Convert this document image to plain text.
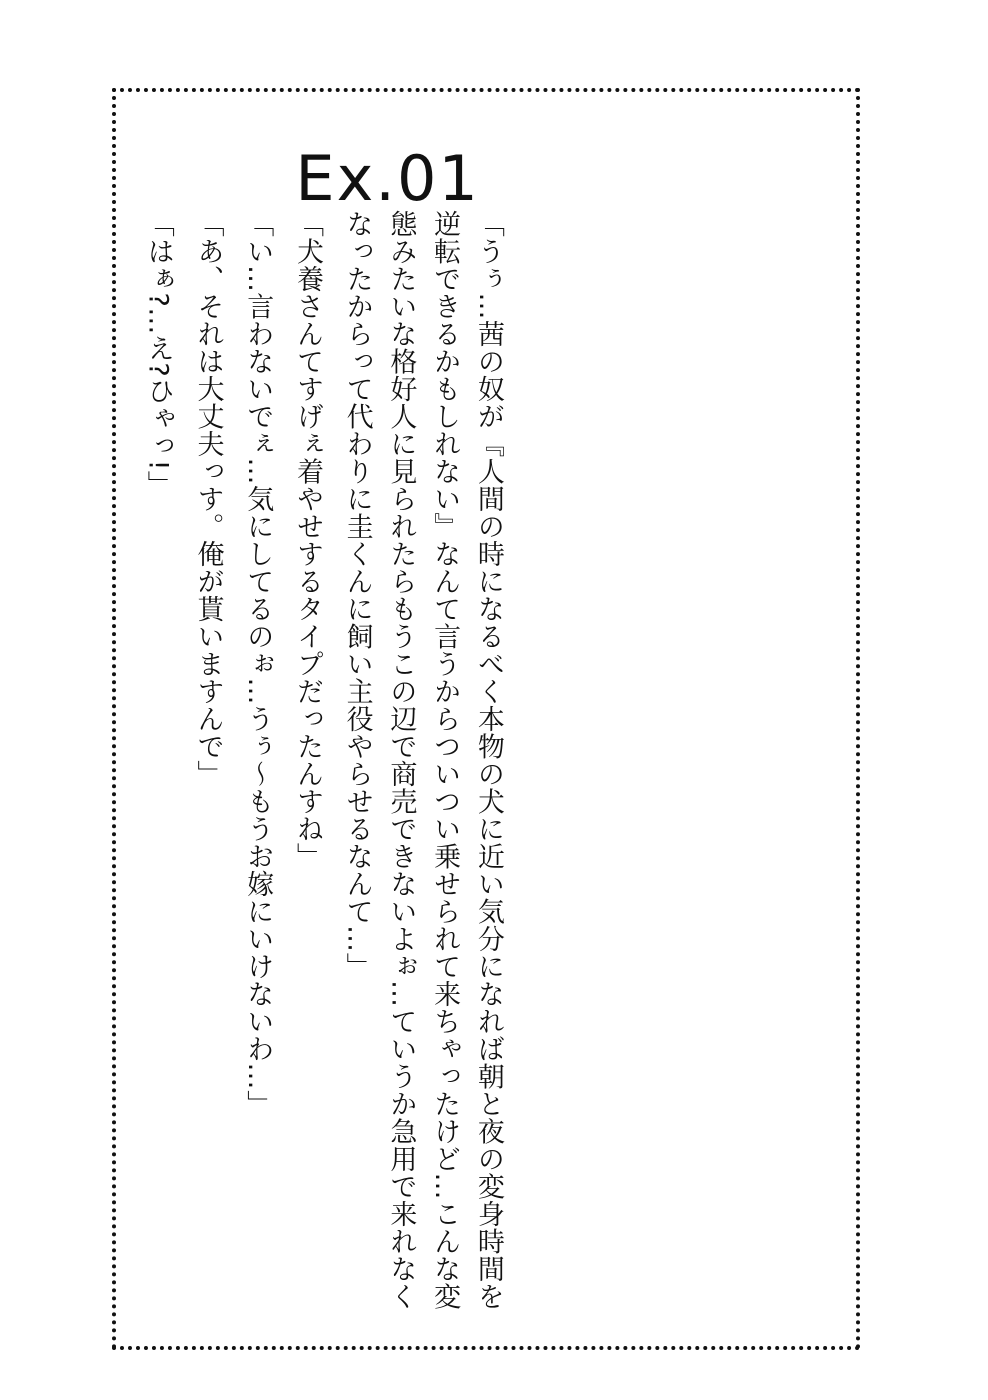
Ex.01

「うぅ…茜の奴が『人間の時になるべく本物の犬に近い気分になれば朝と夜の変身時間を逆転できるかもしれない』なんて言うからついつい乗せられて来ちゃったけど…こんな変態みたいな格好人に見られたらもうこの辺で商売できないよぉ…ていうか急用で来れなくなったからって代わりに圭くんに飼い主役やらせるなんて…」

「犬養さんてすげぇ着やせするタイプだったんすね」

「い…言わないでぇ…気にしてるのぉ…うぅ～もうお嫁にいけないわ…」

「あ、それは大丈夫っす。俺が貰いますんで」

「はぁ?…え?ひゃっ!」
